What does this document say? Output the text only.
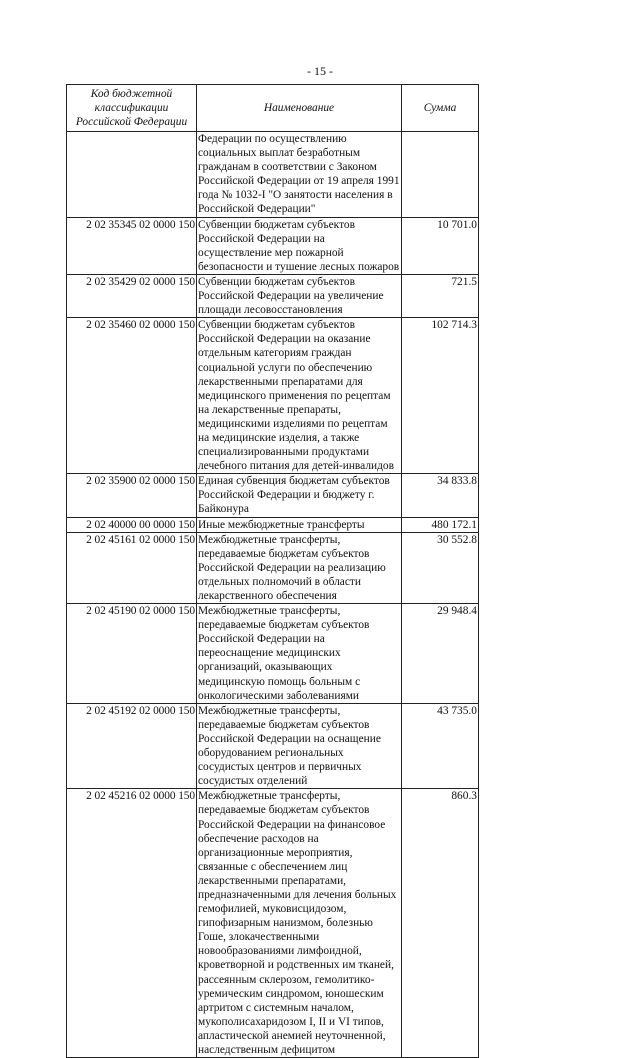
- 15 -
Код бюджетной классификации Российской Федерации	Наименование	Сумма
	Федерации по осуществлению социальных выплат безработным гражданам в соответствии с Законом Российской Федерации от 19 апреля 1991 года № 1032-I "О занятости населения в Российской Федерации"	
2 02 35345 02 0000 150	Субвенции бюджетам субъектов Российской Федерации на осуществление мер пожарной безопасности и тушение лесных пожаров	10 701.0
2 02 35429 02 0000 150	Субвенции бюджетам субъектов Российской Федерации на увеличение площади лесовосстановления	721.5
2 02 35460 02 0000 150	Субвенции бюджетам субъектов Российской Федерации на оказание отдельным категориям граждан социальной услуги по обеспечению лекарственными препаратами для медицинского применения по рецептам на лекарственные препараты, медицинскими изделиями по рецептам на медицинские изделия, а также специализированными продуктами лечебного питания для детей-инвалидов	102 714.3
2 02 35900 02 0000 150	Единая субвенция бюджетам субъектов Российской Федерации и бюджету г. Байконура	34 833.8
2 02 40000 00 0000 150	Иные межбюджетные трансферты	480 172.1
2 02 45161 02 0000 150	Межбюджетные трансферты, передаваемые бюджетам субъектов Российской Федерации на реализацию отдельных полномочий в области лекарственного обеспечения	30 552.8
2 02 45190 02 0000 150	Межбюджетные трансферты, передаваемые бюджетам субъектов Российской Федерации на переоснащение медицинских организаций, оказывающих медицинскую помощь больным с онкологическими заболеваниями	29 948.4
2 02 45192 02 0000 150	Межбюджетные трансферты, передаваемые бюджетам субъектов Российской Федерации на оснащение оборудованием региональных сосудистых центров и первичных сосудистых отделений	43 735.0
2 02 45216 02 0000 150	Межбюджетные трансферты, передаваемые бюджетам субъектов Российской Федерации на финансовое обеспечение расходов на организационные мероприятия, связанные с обеспечением лиц лекарственными препаратами, предназначенными для лечения больных гемофилией, муковисцидозом, гипофизарным нанизмом, болезнью Гоше, злокачественными новообразованиями лимфоидной, кроветворной и родственных им тканей, рассеянным склерозом, гемолитико-уремическим синдромом, юношеским артритом с системным началом, мукополисахаридозом I, II и VI типов, апластической анемией неуточненной, наследственным дефицитом	860.3
